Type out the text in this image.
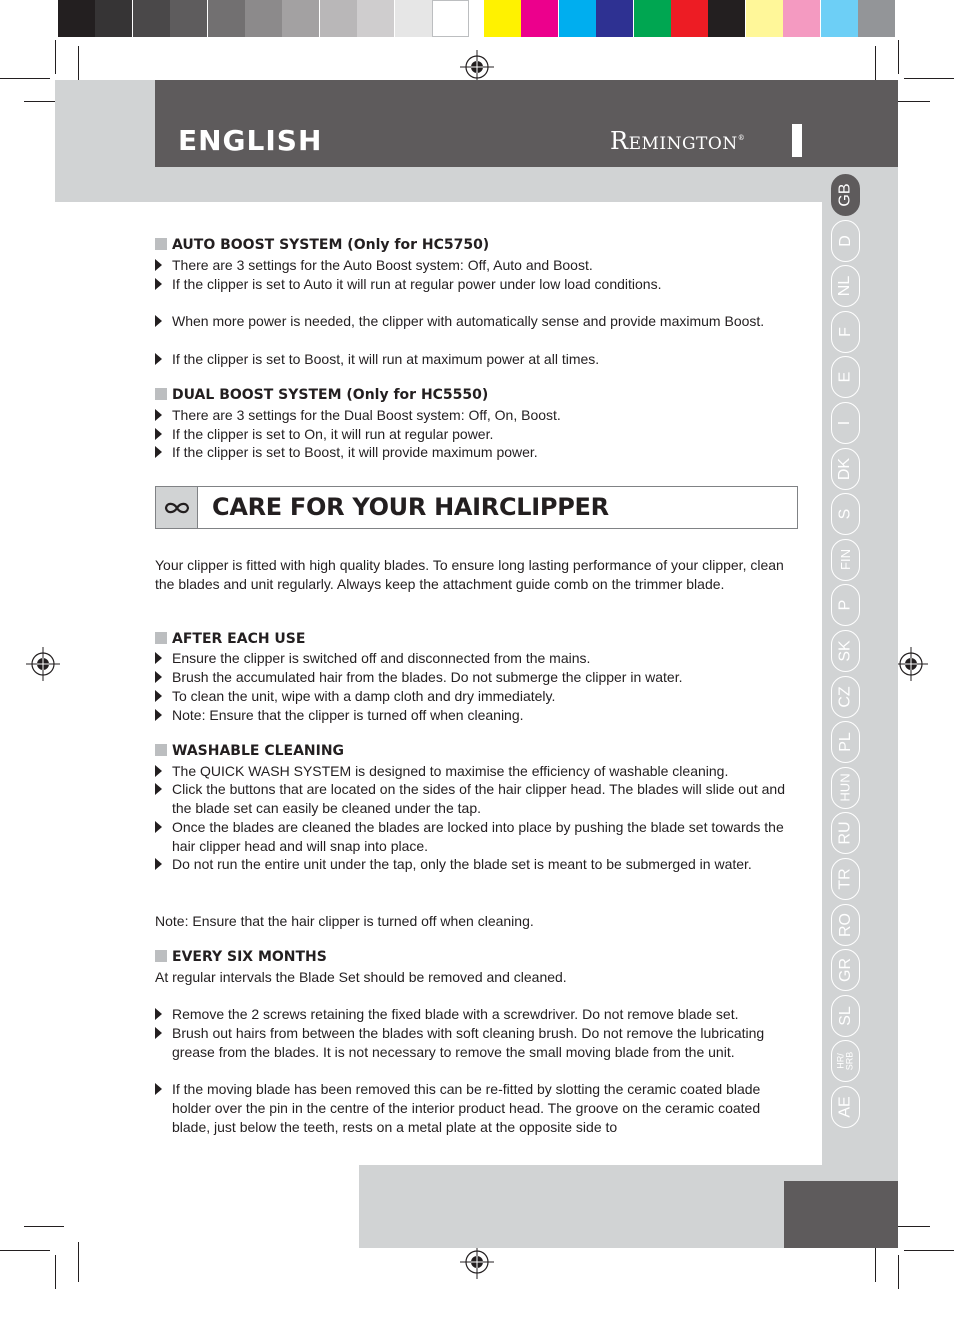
ENGLISH	Remington®
GB
D
NL
F
E
I
DK
S
FIN
P
SK
CZ
PL
HUN
RU
TR
RO
GR
SL
HR/
SRB
AE
AUTO BOOST SYSTEM (Only for HC5750)
There are 3 settings for the Auto Boost system: Off, Auto and Boost.
If the clipper is set to Auto it will run at regular power under low load conditions.
When more power is needed, the clipper with automatically sense and provide maximum Boost.
If the clipper is set to Boost, it will run at maximum power at all times.
DUAL BOOST SYSTEM (Only for HC5550)
There are 3 settings for the Dual Boost system: Off, On, Boost.
If the clipper is set to On, it will run at regular power.
If the clipper is set to Boost, it will provide maximum power.
CARE FOR YOUR HAIRCLIPPER
Your clipper is fitted with high quality blades. To ensure long lasting performance of your clipper, clean the blades and unit regularly. Always keep the attachment guide comb on the trimmer blade.
AFTER EACH USE
Ensure the clipper is switched off and disconnected from the mains.
Brush the accumulated hair from the blades. Do not submerge the clipper in water.
To clean the unit, wipe with a damp cloth and dry immediately.
Note: Ensure that the clipper is turned off when cleaning.
WASHABLE CLEANING
The QUICK WASH SYSTEM is designed to maximise the efficiency of washable cleaning.
Click the buttons that are located on the sides of the hair clipper head. The blades will slide out and the blade set can easily be cleaned under the tap.
Once the blades are cleaned the blades are locked into place by pushing the blade set towards the hair clipper head and will snap into place.
Do not run the entire unit under the tap, only the blade set is meant to be submerged in water.
Note: Ensure that the hair clipper is turned off when cleaning.
EVERY SIX MONTHS
At regular intervals the Blade Set should be removed and cleaned.
Remove the 2 screws retaining the fixed blade with a screwdriver. Do not remove blade set.
Brush out hairs from between the blades with soft cleaning brush. Do not remove the lubricating grease from the blades. It is not necessary to remove the small moving blade from the unit.
If the moving blade has been removed this can be re-fitted by slotting the ceramic coated blade holder over the pin in the centre of the interior product head. The groove on the ceramic coated blade, just below the teeth, rests on a metal plate at the opposite side to
